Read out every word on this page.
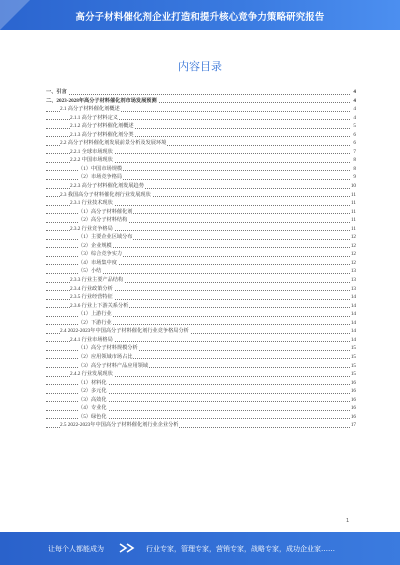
高分子材料催化剂企业打造和提升核心竞争力策略研究报告
内容目录
一、引言	4
二、2023-2028年高分子材料催化剂市场发展预测	4
2.1 高分子材料催化剂概述	4
2.1.1 高分子材料定义	4
2.1.2 高分子材料催化剂概述	5
2.1.3 高分子材料催化剂分类	6
2.2 高分子材料催化剂发展前景分析及发展环境	6
2.2.1 全球市场现状	7
2.2.2 中国市场现状	8
（1）中国市场规模	8
（2）市场竞争格局	9
2.2.3 高分子材料催化剂发展趋势	10
2.3 我国高分子材料催化剂行业发展现状	11
2.3.1 行业技术现状	11
（1）高分子材料催化剂	11
（2）高分子材料结构	11
2.3.2 行业竞争格局	11
（1）主要企业区域分布	12
（2）企业规模	12
（3）综合竞争实力	12
（4）市场集中度	12
（5）小结	13
2.3.3 行业主要产品结构	13
2.3.4 行业政策分析	13
2.3.5 行业经营特征	14
2.3.6 行业上下游关系分析	14
（1）上游行业	14
（2）下游行业	14
2.4 2022-2023年中国高分子材料催化剂行业竞争格局分析	14
2.4.1 行业市场格局	14
（1）高分子材料规模分析	15
（2）应用领域市场占比	15
（3）高分子材料产品应用领域	15
2.4.2 行业发展现状	15
（1）材料化	16
（2）多元化	16
（3）高效化	16
（4）专业化	16
（5）绿色化	16
2.5 2022-2023年中国高分子材料催化剂行业企业分析	17
1
让每个人都能成为	行业专家，管理专家，营销专家，战略专家，成功企业家……
